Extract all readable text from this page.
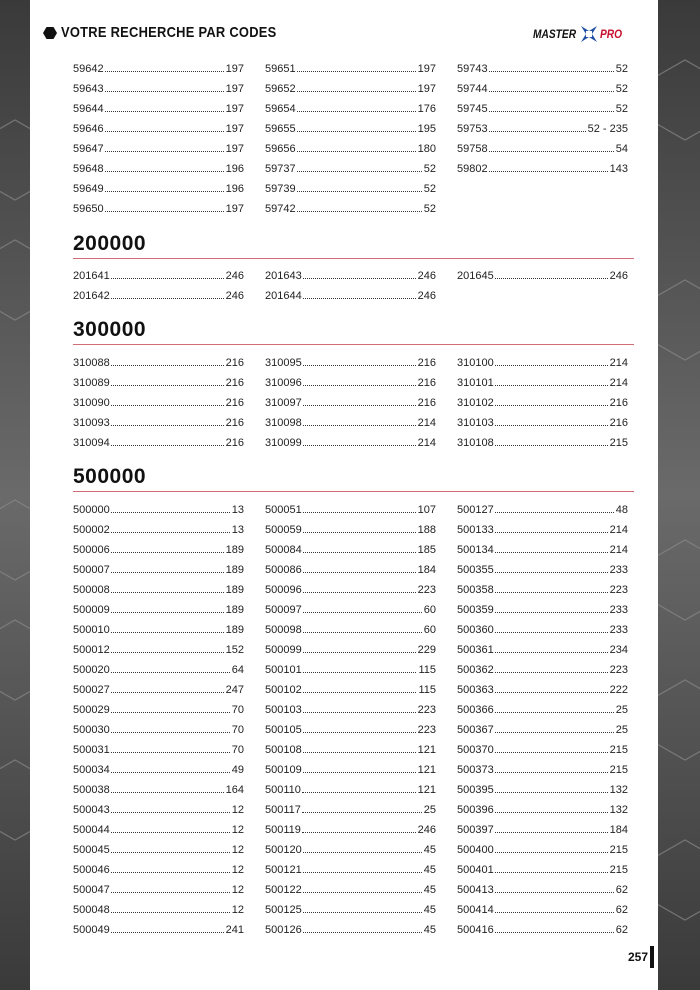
VOTRE RECHERCHE PAR CODES	MASTER PRO
59642	197 59651	197 59743	52
59643	197 59652	197 59744	52
59644	197 59654	176 59745	52
59646	197 59655	195 59753	52 - 235
59647	197 59656	180 59758	54
59648	196 59737	52 59802	143
59649	196 59739	52
59650	197 59742	52
200000
201641	246 201643	246 201645	246
201642	246 201644	246
300000
310088	216 310095	216 310100	214
310089	216 310096	216 310101	214
310090	216 310097	216 310102	216
310093	216 310098	214 310103	216
310094	216 310099	214 310108	215
500000
500000	13 500051	107 500127	48
500002	13 500059	188 500133	214
500006	189 500084	185 500134	214
500007	189 500086	184 500355	233
500008	189 500096	223 500358	223
500009	189 500097	60 500359	233
500010	189 500098	60 500360	233
500012	152 500099	229 500361	234
500020	64 500101	115 500362	223
500027	247 500102	115 500363	222
500029	70 500103	223 500366	25
500030	70 500105	223 500367	25
500031	70 500108	121 500370	215
500034	49 500109	121 500373	215
500038	164 500110	121 500395	132
500043	12 500117	25 500396	132
500044	12 500119	246 500397	184
500045	12 500120	45 500400	215
500046	12 500121	45 500401	215
500047	12 500122	45 500413	62
500048	12 500125	45 500414	62
500049	241 500126	45 500416	62
257
